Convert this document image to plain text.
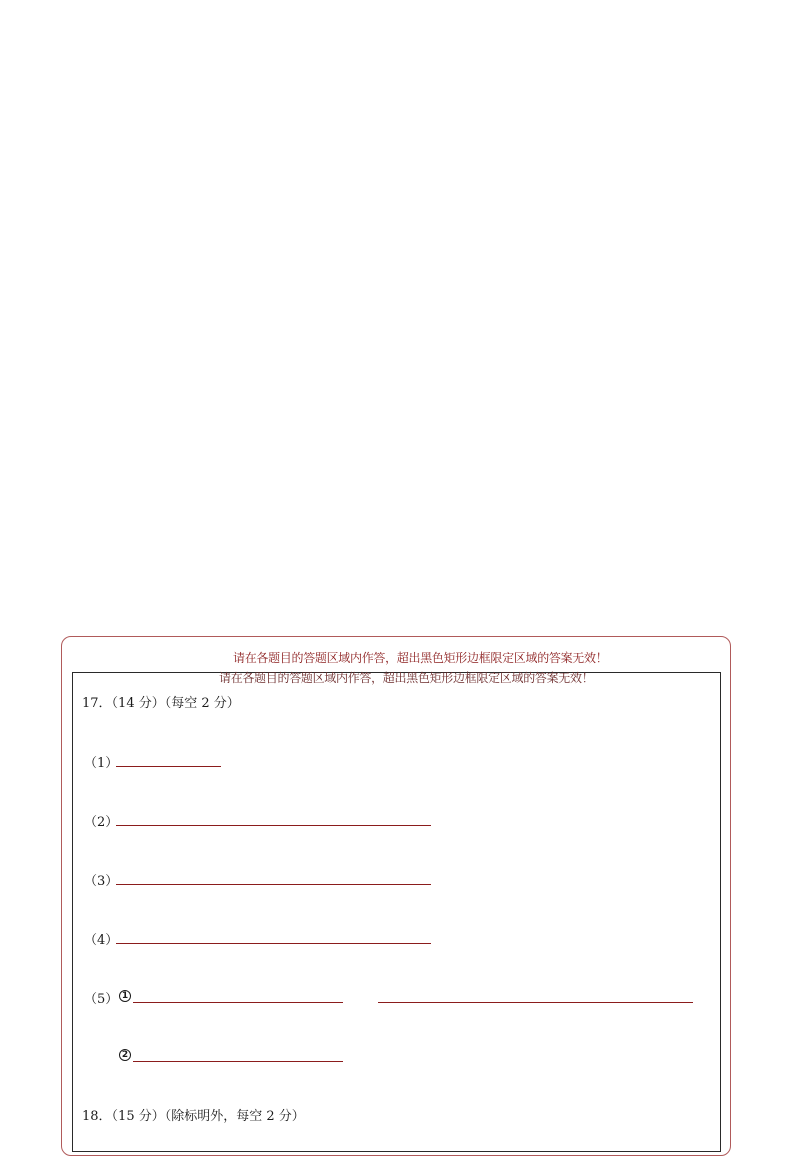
请在各题目的答题区域内作答，超出黑色矩形边框限定区域的答案无效！
请在各题目的答题区域内作答，超出黑色矩形边框限定区域的答案无效！
17．（14 分）（每空 2 分）
（1）
（2）
（3）
（4）
（5） 1
2
18．（15 分）（除标明外，每空 2 分）
